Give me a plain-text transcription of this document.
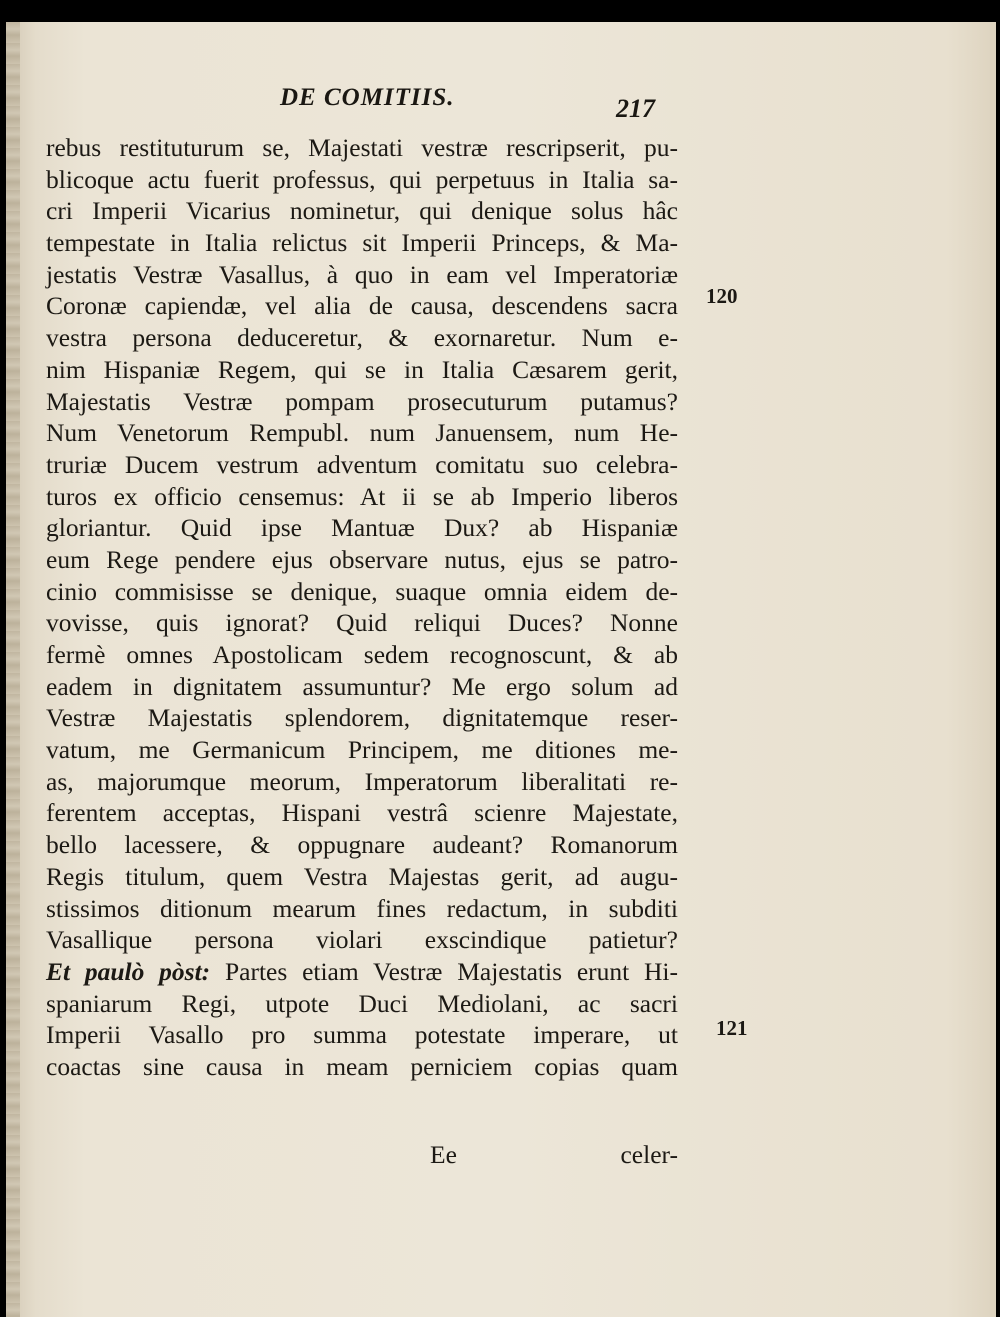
DE COMITIIS.	217
rebus restituturum se, Majestati vestræ rescripserit, pu-
blicoque actu fuerit professus, qui perpetuus in Italia sa-
cri Imperii Vicarius nominetur, qui denique solus hâc
tempestate in Italia relictus sit Imperii Princeps, & Ma-
jestatis Vestræ Vasallus, à quo in eam vel Imperatoriæ
Coronæ capiendæ, vel alia de causa, descendens sacra
vestra persona deduceretur, & exornaretur. Num e-
nim Hispaniæ Regem, qui se in Italia Cæsarem gerit,
Majestatis Vestræ pompam prosecuturum putamus?
Num Venetorum Rempubl. num Januensem, num He-
truriæ Ducem vestrum adventum comitatu suo celebra-
turos ex officio censemus: At ii se ab Imperio liberos
gloriantur. Quid ipse Mantuæ Dux? ab Hispaniæ
eum Rege pendere ejus observare nutus, ejus se patro-
cinio commisisse se denique, suaque omnia eidem de-
vovisse, quis ignorat? Quid reliqui Duces? Nonne
fermè omnes Apostolicam sedem recognoscunt, & ab
eadem in dignitatem assumuntur? Me ergo solum ad
Vestræ Majestatis splendorem, dignitatemque reser-
vatum, me Germanicum Principem, me ditiones me-
as, majorumque meorum, Imperatorum liberalitati re-
ferentem acceptas, Hispani vestrâ scienre Majestate,
bello lacessere, & oppugnare audeant? Romanorum
Regis titulum, quem Vestra Majestas gerit, ad augu-
stissimos ditionum mearum fines redactum, in subditi
Vasallique persona violari exscindique patietur?
Et paulò pòst: Partes etiam Vestræ Majestatis erunt Hi-
spaniarum Regi, utpote Duci Mediolani, ac sacri
Imperii Vasallo pro summa potestate imperare, ut
coactas sine causa in meam perniciem copias quam
Ee	celer-
120
121
